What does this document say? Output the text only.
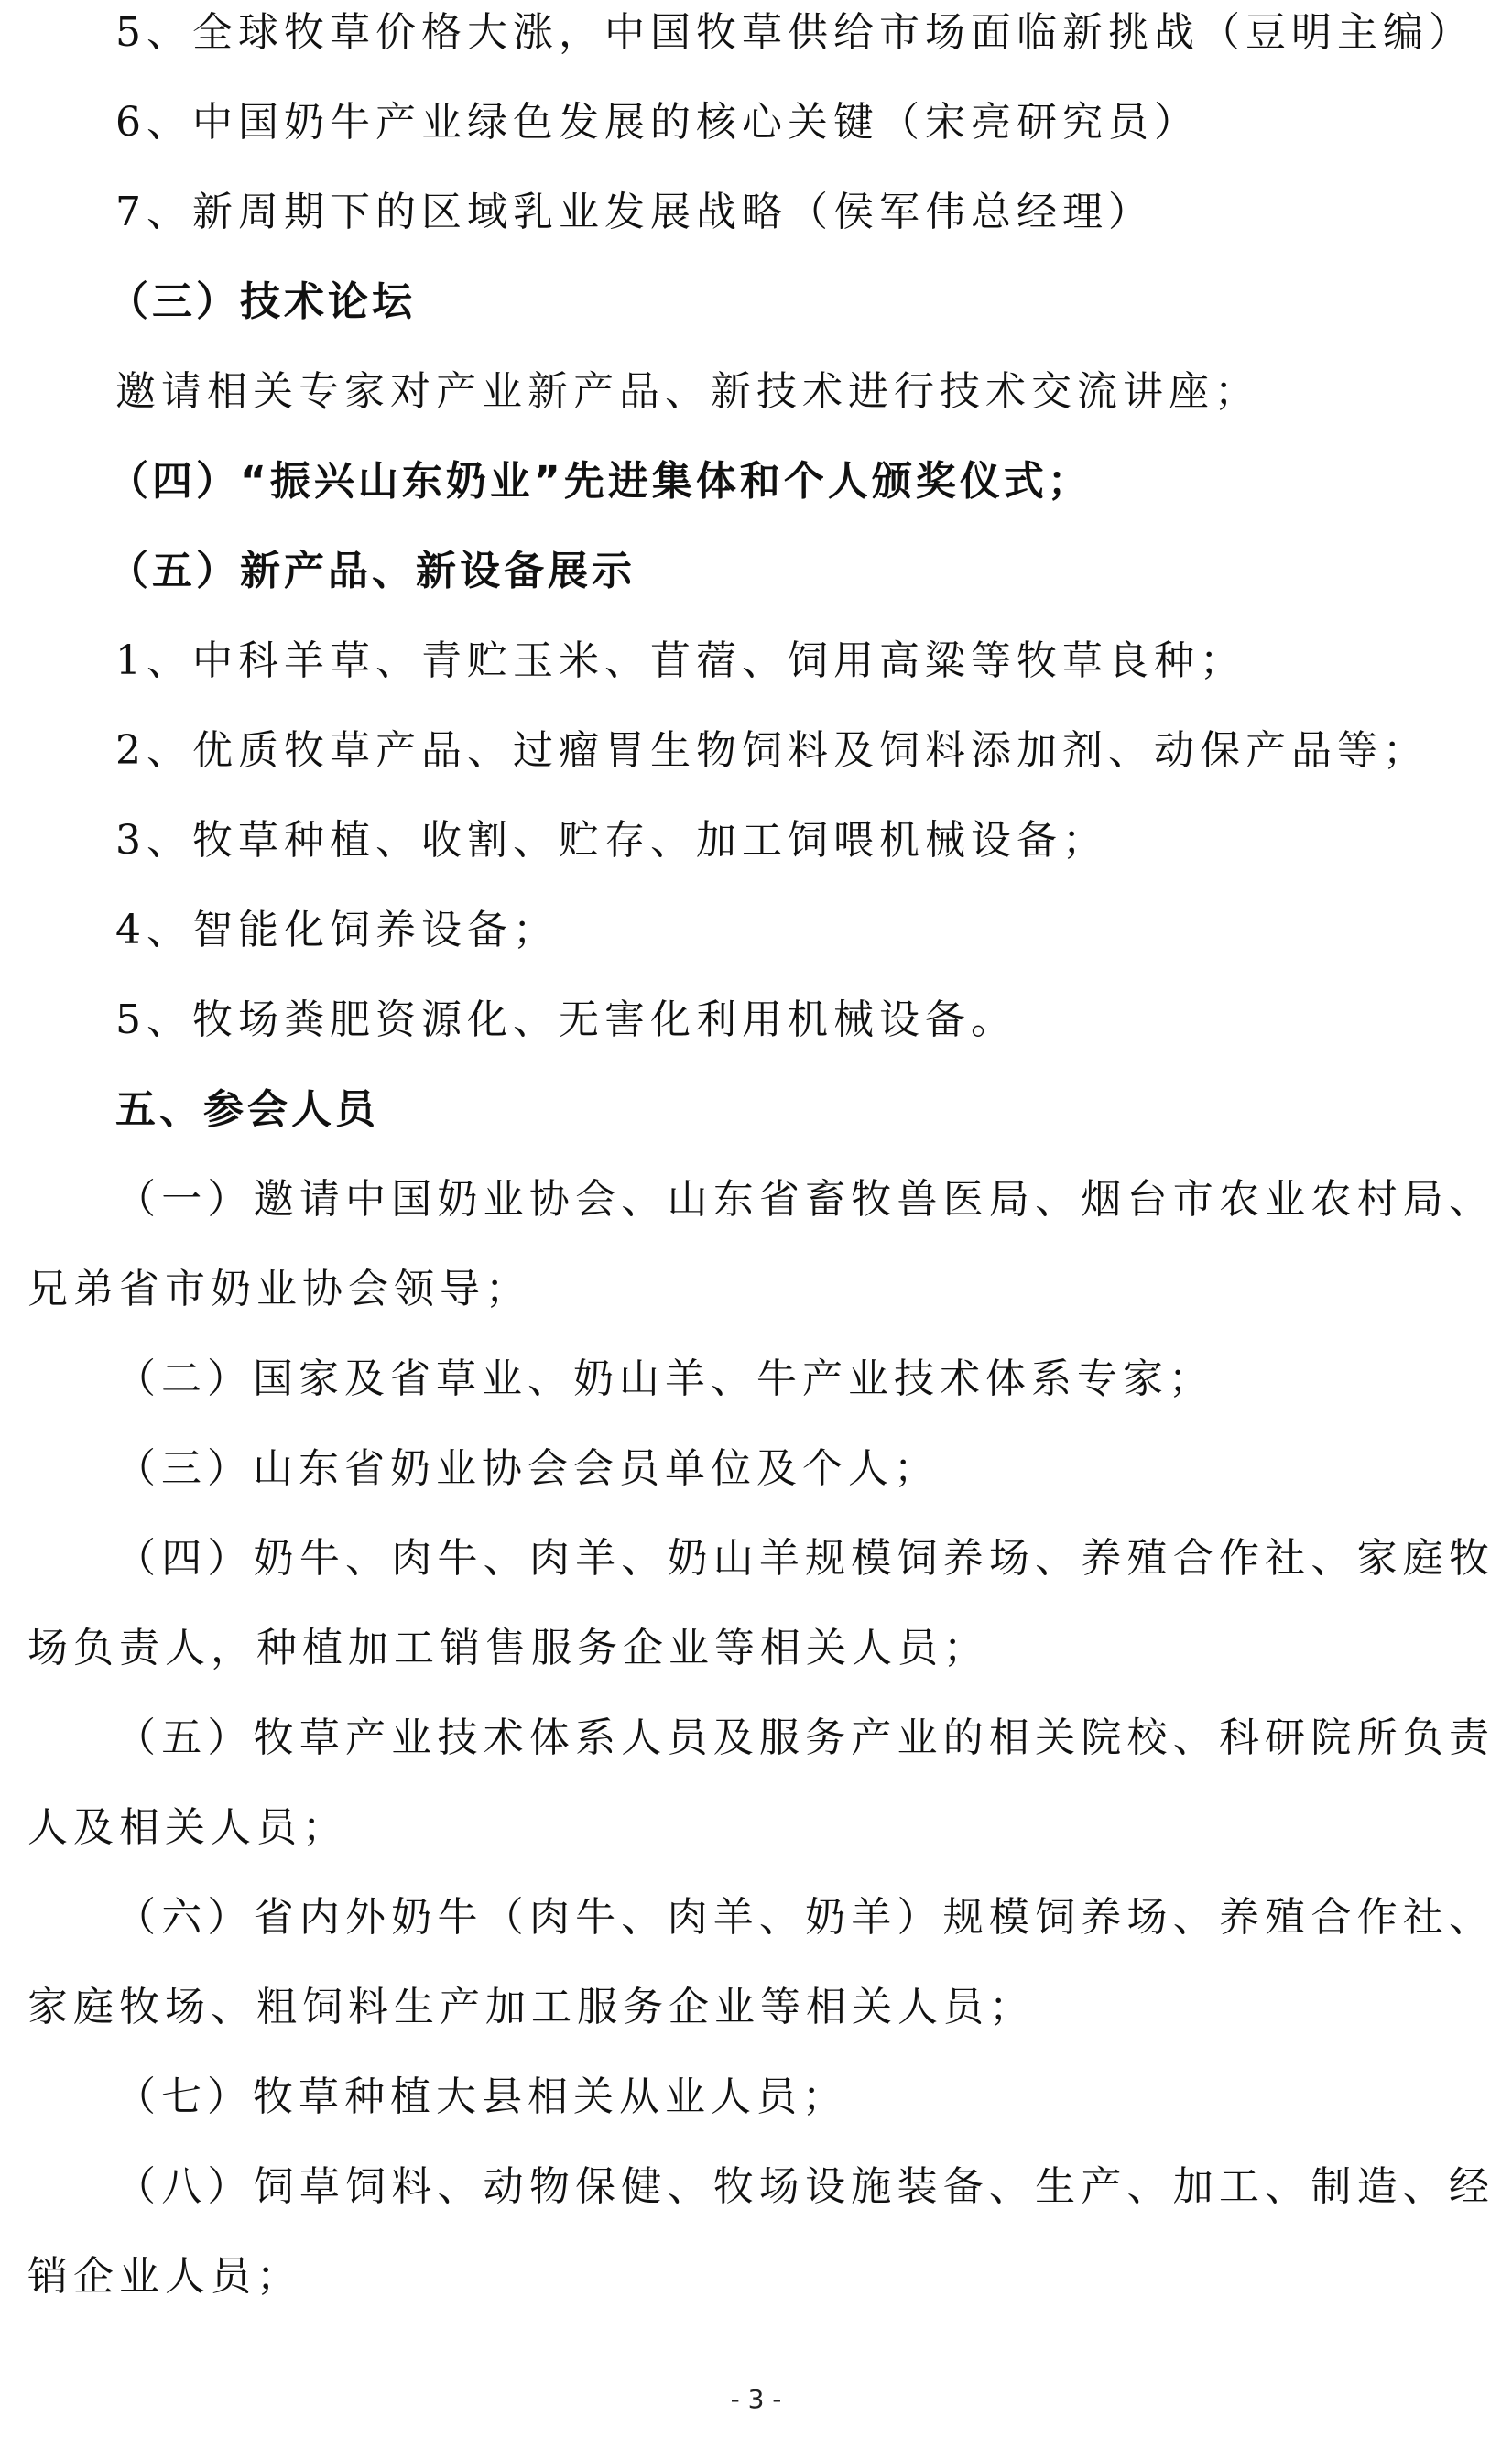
5、全球牧草价格大涨，中国牧草供给市场面临新挑战（豆明主编）
6、中国奶牛产业绿色发展的核心关键（宋亮研究员）
7、新周期下的区域乳业发展战略（侯军伟总经理）
（三）技术论坛
邀请相关专家对产业新产品、新技术进行技术交流讲座；
（四）“振兴山东奶业”先进集体和个人颁奖仪式；
（五）新产品、新设备展示
1、中科羊草、青贮玉米、苜蓿、饲用高粱等牧草良种；
2、优质牧草产品、过瘤胃生物饲料及饲料添加剂、动保产品等；
3、牧草种植、收割、贮存、加工饲喂机械设备；
4、智能化饲养设备；
5、牧场粪肥资源化、无害化利用机械设备。
五、参会人员
（一）邀请中国奶业协会、山东省畜牧兽医局、烟台市农业农村局、
兄弟省市奶业协会领导；
（二）国家及省草业、奶山羊、牛产业技术体系专家；
（三）山东省奶业协会会员单位及个人；
（四）奶牛、肉牛、肉羊、奶山羊规模饲养场、养殖合作社、家庭牧
场负责人，种植加工销售服务企业等相关人员；
（五）牧草产业技术体系人员及服务产业的相关院校、科研院所负责
人及相关人员；
（六）省内外奶牛（肉牛、肉羊、奶羊）规模饲养场、养殖合作社、
家庭牧场、粗饲料生产加工服务企业等相关人员；
（七）牧草种植大县相关从业人员；
（八）饲草饲料、动物保健、牧场设施装备、生产、加工、制造、经
销企业人员；
- 3 -
